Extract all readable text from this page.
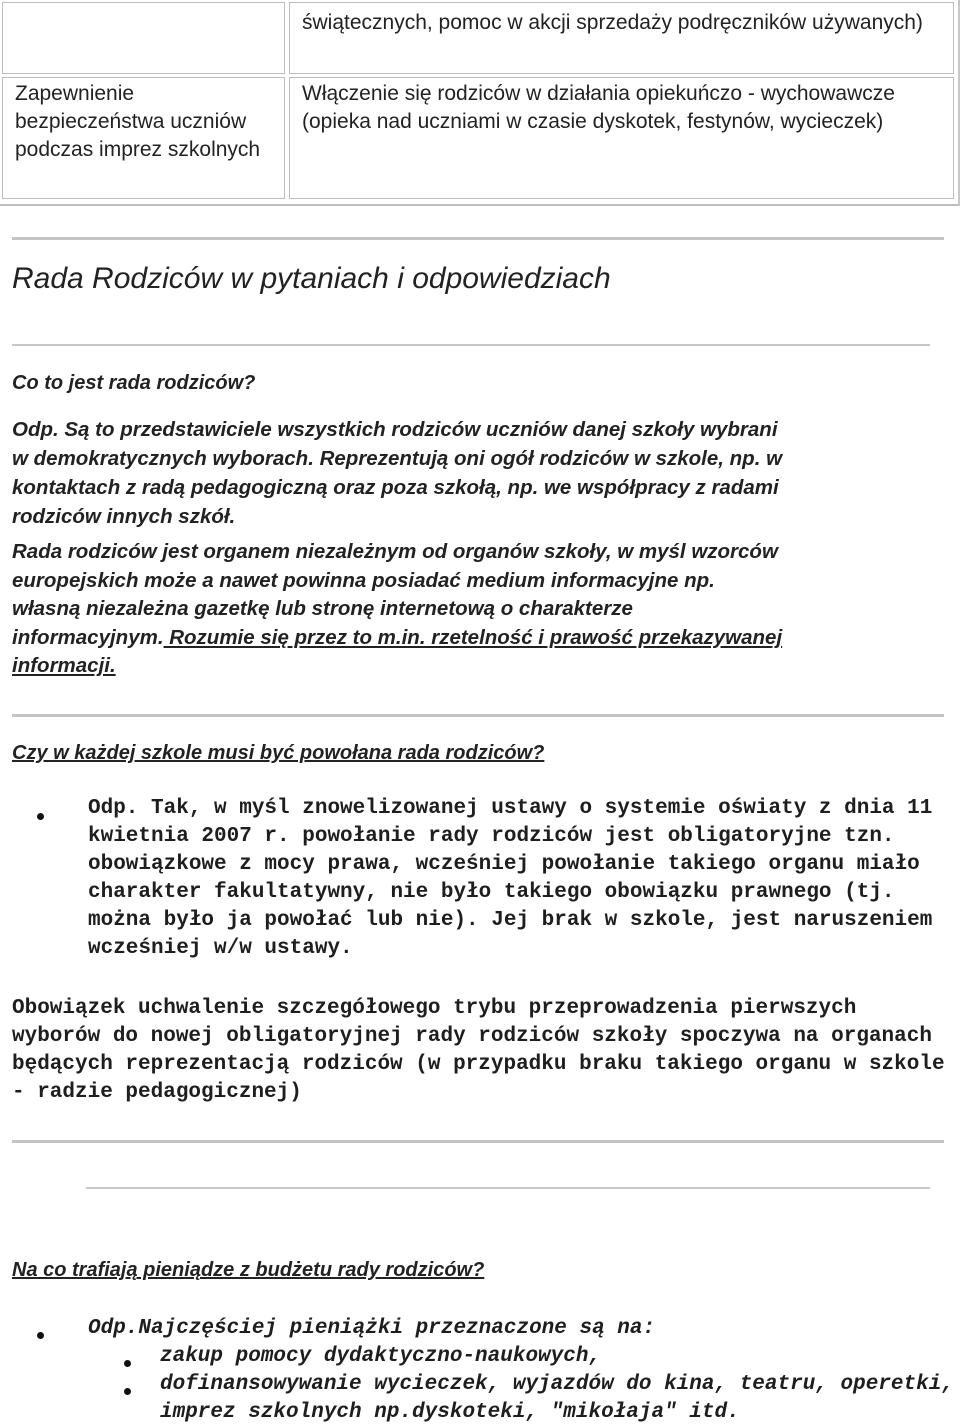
świątecznych, pomoc w akcji sprzedaży podręczników używanych)
Zapewnienie bezpieczeństwa uczniów podczas imprez szkolnych
Włączenie się rodziców w działania opiekuńczo - wychowawcze (opieka nad uczniami w czasie dyskotek, festynów, wycieczek)
Rada Rodziców w pytaniach i odpowiedziach
Co to jest rada rodziców?
Odp. Są to przedstawiciele wszystkich rodziców uczniów danej szkoły wybrani
w demokratycznych wyborach. Reprezentują oni ogół rodziców w szkole, np. w
kontaktach z radą pedagogiczną oraz poza szkołą, np. we współpracy z radami
rodziców innych szkół.
Rada rodziców jest organem niezależnym od organów szkoły, w myśl wzorców
europejskich może a nawet powinna posiadać medium informacyjne np.
własną niezależna gazetkę lub stronę internetową o charakterze
informacyjnym. Rozumie się przez to m.in. rzetelność i prawość przekazywanej
informacji.
Czy w każdej szkole musi być powołana rada rodziców?
Odp. Tak, w myśl znowelizowanej ustawy o systemie oświaty z dnia 11
kwietnia 2007 r. powołanie rady rodziców jest obligatoryjne tzn.
obowiązkowe z mocy prawa, wcześniej powołanie takiego organu miało
charakter fakultatywny, nie było takiego obowiązku prawnego (tj.
można było ja powołać lub nie). Jej brak w szkole, jest naruszeniem
wcześniej w/w ustawy.
Obowiązek uchwalenie szczegółowego trybu przeprowadzenia pierwszych
wyborów do nowej obligatoryjnej rady rodziców szkoły spoczywa na organach
będących reprezentacją rodziców (w przypadku braku takiego organu w szkole
- radzie pedagogicznej)
Na co trafiają pieniądze z budżetu rady rodziców?
Odp.Najczęściej pieniążki przeznaczone są na:
zakup pomocy dydaktyczno-naukowych,
dofinansowywanie wycieczek, wyjazdów do kina, teatru, operetki,
imprez szkolnych np.dyskoteki, "mikołaja" itd.
